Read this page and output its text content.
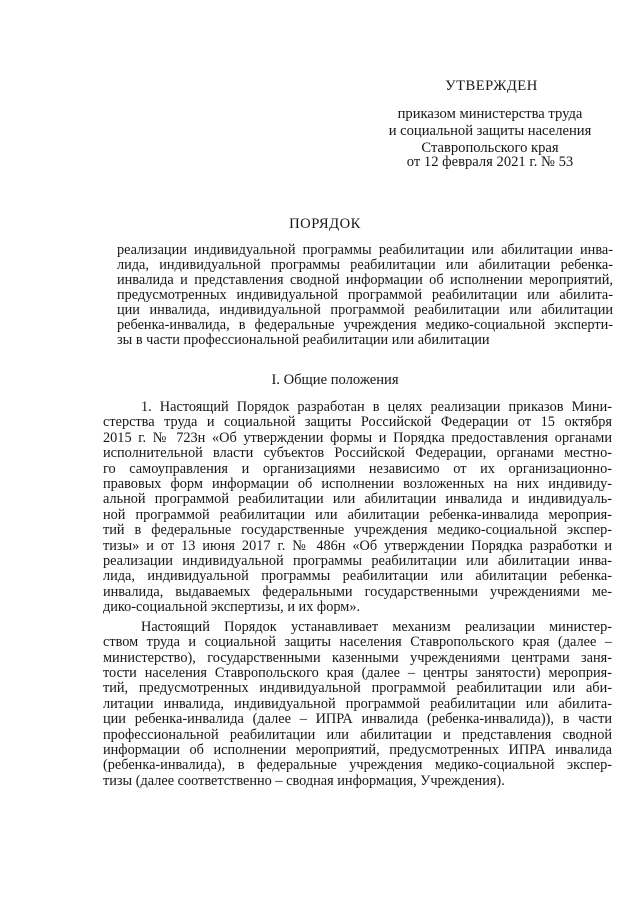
УТВЕРЖДЕН
приказом министерства труда
и социальной защиты населения
Ставропольского края
от 12 февраля 2021 г. № 53
ПОРЯДОК
реализации индивидуальной программы реабилитации или абилитации инва-
лида, индивидуальной программы реабилитации или абилитации ребенка-
инвалида и представления сводной информации об исполнении мероприятий,
предусмотренных индивидуальной программой реабилитации или абилита-
ции инвалида, индивидуальной программой реабилитации или абилитации
ребенка-инвалида, в федеральные учреждения медико-социальной эксперти-
зы в части профессиональной реабилитации или абилитации
I. Общие положения
1. Настоящий Порядок разработан в целях реализации приказов Мини-
стерства труда и социальной защиты Российской Федерации от 15 октября
2015 г. № 723н «Об утверждении формы и Порядка предоставления органами
исполнительной власти субъектов Российской Федерации, органами местно-
го самоуправления и организациями независимо от их организационно-
правовых форм информации об исполнении возложенных на них индивиду-
альной программой реабилитации или абилитации инвалида и индивидуаль-
ной программой реабилитации или абилитации ребенка-инвалида мероприя-
тий в федеральные государственные учреждения медико-социальной экспер-
тизы» и от 13 июня 2017 г. № 486н «Об утверждении Порядка разработки и
реализации индивидуальной программы реабилитации или абилитации инва-
лида, индивидуальной программы реабилитации или абилитации ребенка-
инвалида, выдаваемых федеральными государственными учреждениями ме-
дико-социальной экспертизы, и их форм».
Настоящий Порядок устанавливает механизм реализации министер-
ством труда и социальной защиты населения Ставропольского края (далее –
министерство), государственными казенными учреждениями центрами заня-
тости населения Ставропольского края (далее – центры занятости) мероприя-
тий, предусмотренных индивидуальной программой реабилитации или аби-
литации инвалида, индивидуальной программой реабилитации или абилита-
ции ребенка-инвалида (далее – ИПРА инвалида (ребенка-инвалида)), в части
профессиональной реабилитации или абилитации и представления сводной
информации об исполнении мероприятий, предусмотренных ИПРА инвалида
(ребенка-инвалида), в федеральные учреждения медико-социальной экспер-
тизы (далее соответственно – сводная информация, Учреждения).
